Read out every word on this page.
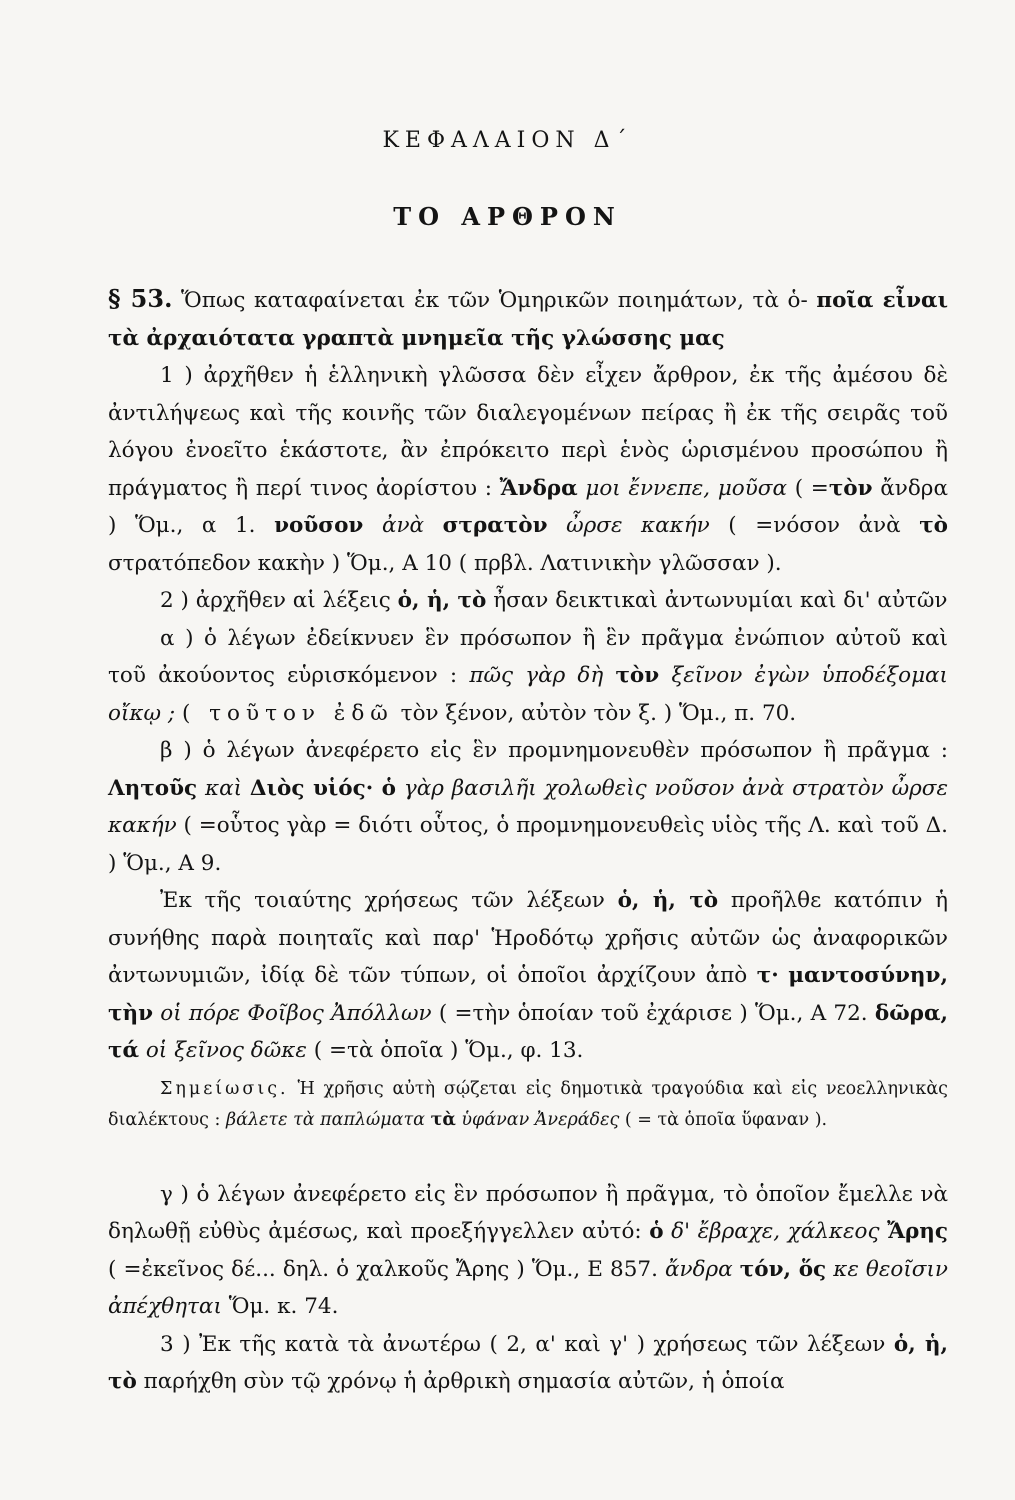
ΚΕΦΑΛΑΙΟΝ Δ΄
ΤΟ ΑΡΘΡΟΝ

§ 53. Ὅπως καταφαίνεται ἐκ τῶν Ὁμηρικῶν ποιημάτων, τὰ ὁ- ποῖα εἶναι τὰ ἀρχαιότατα γραπτὰ μνημεῖα τῆς γλώσσης μας

1 ) ἀρχῆθεν ἡ ἑλληνικὴ γλῶσσα δὲν εἶχεν ἄρθρον, ἐκ τῆς ἀμέσου δὲ ἀντιλήψεως καὶ τῆς κοινῆς τῶν διαλεγομένων πείρας ἢ ἐκ τῆς σειρᾶς τοῦ λόγου ἐνοεῖτο ἑκάστοτε, ἂν ἐπρόκειτο περὶ ἑνὸς ὡρισμένου προσώπου ἢ πράγματος ἢ περί τινος ἀορίστου : Ἄνδρα μοι ἔννεπε, μοῦσα ( =τὸν ἄνδρα ) Ὅμ., α 1. νοῦσον ἀνὰ στρατὸν ὦρσε κακήν ( =νόσον ἀνὰ τὸ στρατόπεδον κακὴν ) Ὅμ., Α 10 ( πρβλ. Λατινικὴν γλῶσσαν ).

2 ) ἀρχῆθεν αἱ λέξεις ὁ, ἡ, τὸ ἦσαν δεικτικαὶ ἀντωνυμίαι καὶ δι' αὐτῶν

α ) ὁ λέγων ἐδείκνυεν ἓν πρόσωπον ἢ ἓν πρᾶγμα ἐνώπιον αὐτοῦ καὶ τοῦ ἀκούοντος εὑρισκόμενον : πῶς γὰρ δὴ τὸν ξεῖνον ἐγὼν ὑποδέξομαι οἴκῳ ; ( τοῦτον ἐδῶ τὸν ξένον, αὐτὸν τὸν ξ. ) Ὅμ., π. 70.

β ) ὁ λέγων ἀνεφέρετο εἰς ἓν προμνημονευθὲν πρόσωπον ἢ πρᾶγμα : Λητοῦς καὶ Διὸς υἱός· ὁ γὰρ βασιλῆι χολωθεὶς νοῦσον ἀνὰ στρατὸν ὦρσε κακήν ( =οὗτος γὰρ = διότι οὗτος, ὁ προμνημονευθεὶς υἱὸς τῆς Λ. καὶ τοῦ Δ. ) Ὅμ., Α 9.

Ἐκ τῆς τοιαύτης χρήσεως τῶν λέξεων ὁ, ἡ, τὸ προῆλθε κατόπιν ἡ συνήθης παρὰ ποιηταῖς καὶ παρ' Ἡροδότῳ χρῆσις αὐτῶν ὡς ἀναφορικῶν ἀντωνυμιῶν, ἰδίᾳ δὲ τῶν τύπων, οἱ ὁποῖοι ἀρχίζουν ἀπὸ τ· μαντοσύνην, τὴν οἱ πόρε Φοῖβος Ἀπόλλων ( =τὴν ὁποίαν τοῦ ἐχάρισε ) Ὅμ., Α 72. δῶρα, τά οἱ ξεῖνος δῶκε ( =τὰ ὁποῖα ) Ὅμ., φ. 13.

Σημείωσις. Ἡ χρῆσις αὐτὴ σῴζεται εἰς δημοτικὰ τραγούδια καὶ εἰς νεοελληνικὰς διαλέκτους : βάλετε τὰ παπλώματα τὰ ὑφάναν Ἀνεράδες ( = τὰ ὁποῖα ὕφαναν ).

γ ) ὁ λέγων ἀνεφέρετο εἰς ἓν πρόσωπον ἢ πρᾶγμα, τὸ ὁποῖον ἔμελλε νὰ δηλωθῇ εὐθὺς ἀμέσως, καὶ προεξήγγελλεν αὐτό: ὁ δ' ἔβραχε, χάλκεος Ἄρης ( =ἐκεῖνος δέ... δηλ. ὁ χαλκοῦς Ἄρης ) Ὅμ., Ε 857. ἄνδρα τόν, ὅς κε θεοῖσιν ἀπέχθηται Ὅμ. κ. 74.

3 ) Ἐκ τῆς κατὰ τὰ ἀνωτέρω ( 2, α' καὶ γ' ) χρήσεως τῶν λέξεων ὁ, ἡ, τὸ παρήχθη σὺν τῷ χρόνῳ ἡ ἀρθρικὴ σημασία αὐτῶν, ἡ ὁποία
